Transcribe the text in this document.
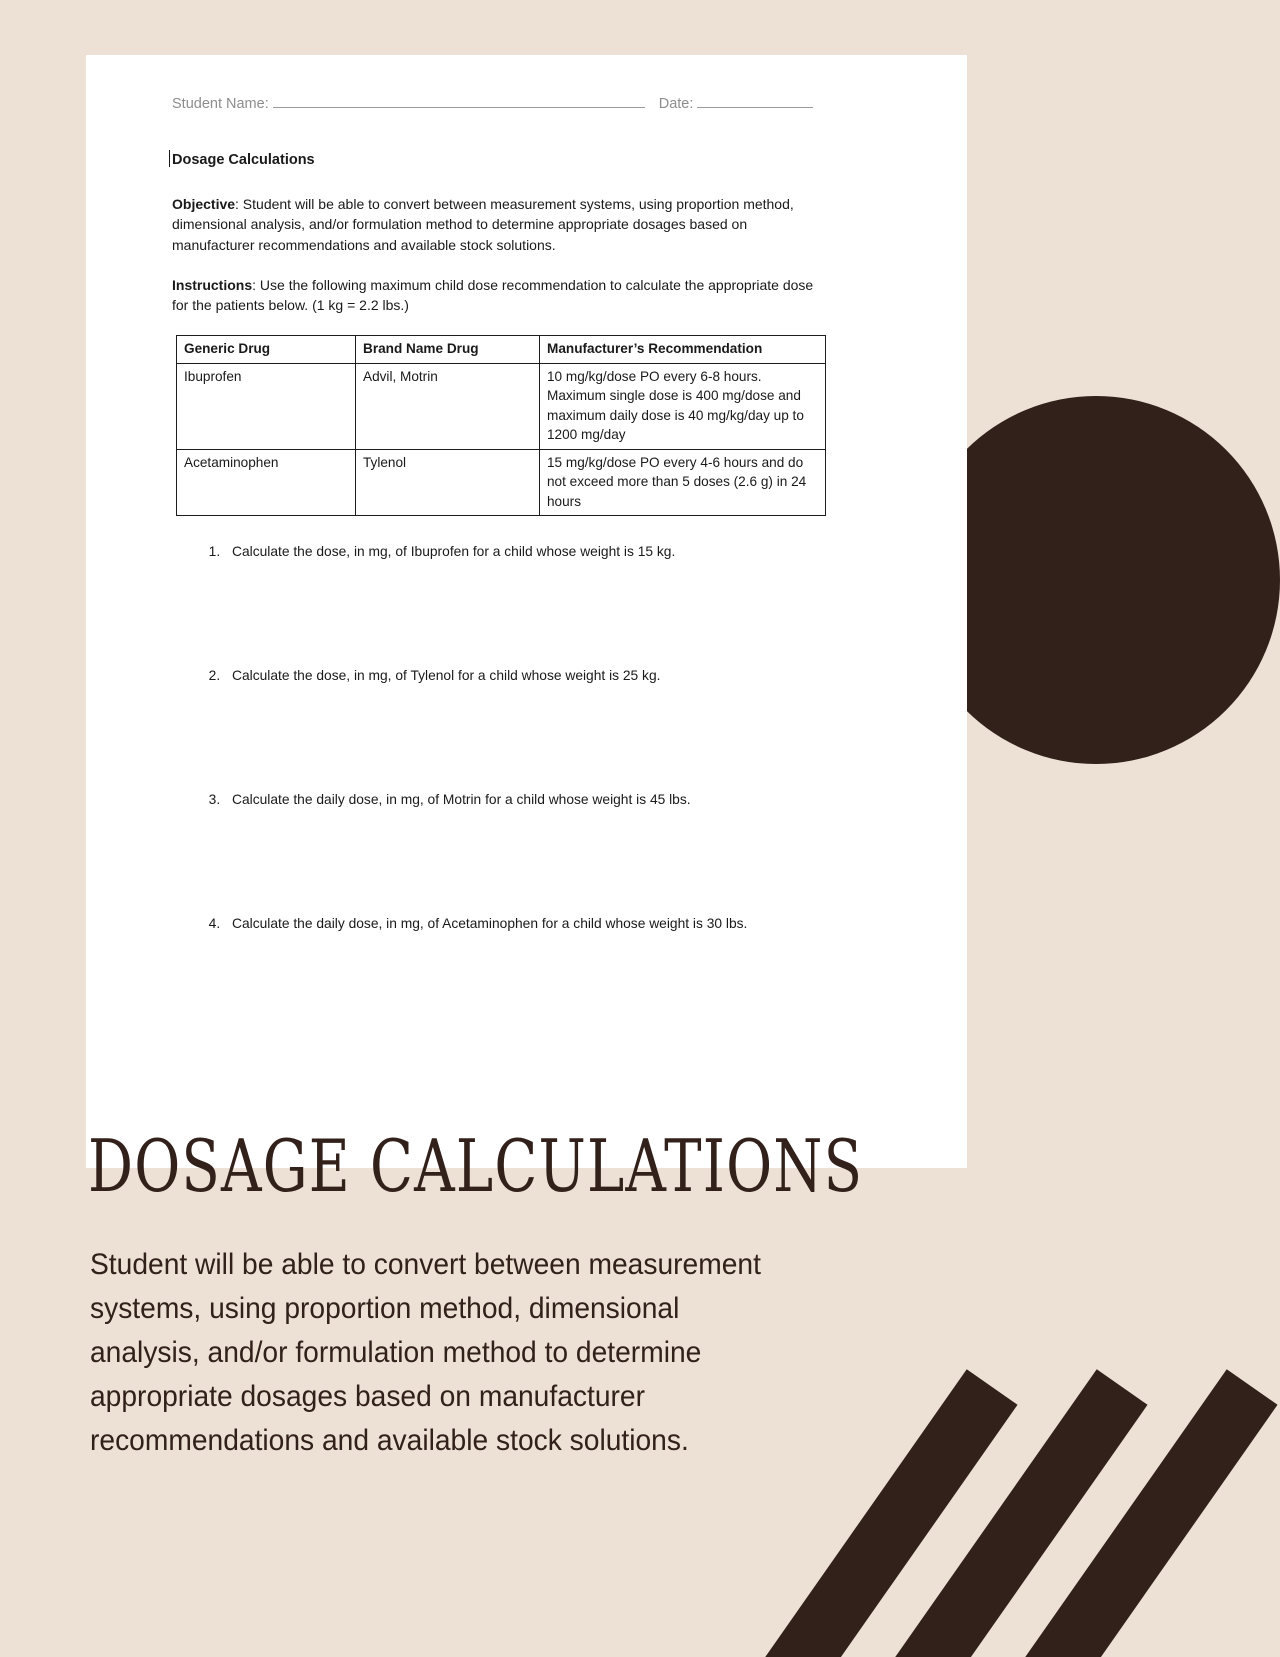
Student Name:	Date:

Dosage Calculations

Objective: Student will be able to convert between measurement systems, using proportion method, dimensional analysis, and/or formulation method to determine appropriate dosages based on manufacturer recommendations and available stock solutions.

Instructions: Use the following maximum child dose recommendation to calculate the appropriate dose for the patients below. (1 kg = 2.2 lbs.)

Generic Drug	Brand Name Drug	Manufacturer’s Recommendation
Ibuprofen	Advil, Motrin	10 mg/kg/dose PO every 6-8 hours. Maximum single dose is 400 mg/dose and maximum daily dose is 40 mg/kg/day up to 1200 mg/day
Acetaminophen	Tylenol	15 mg/kg/dose PO every 4-6 hours and do not exceed more than 5 doses (2.6 g) in 24 hours
1. Calculate the dose, in mg, of Ibuprofen for a child whose weight is 15 kg.
2. Calculate the dose, in mg, of Tylenol for a child whose weight is 25 kg.
3. Calculate the daily dose, in mg, of Motrin for a child whose weight is 45 lbs.
4. Calculate the daily dose, in mg, of Acetaminophen for a child whose weight is 30 lbs.
DOSAGE CALCULATIONS
Student will be able to convert between measurement systems, using proportion method, dimensional analysis, and/or formulation method to determine appropriate dosages based on manufacturer recommendations and available stock solutions.
